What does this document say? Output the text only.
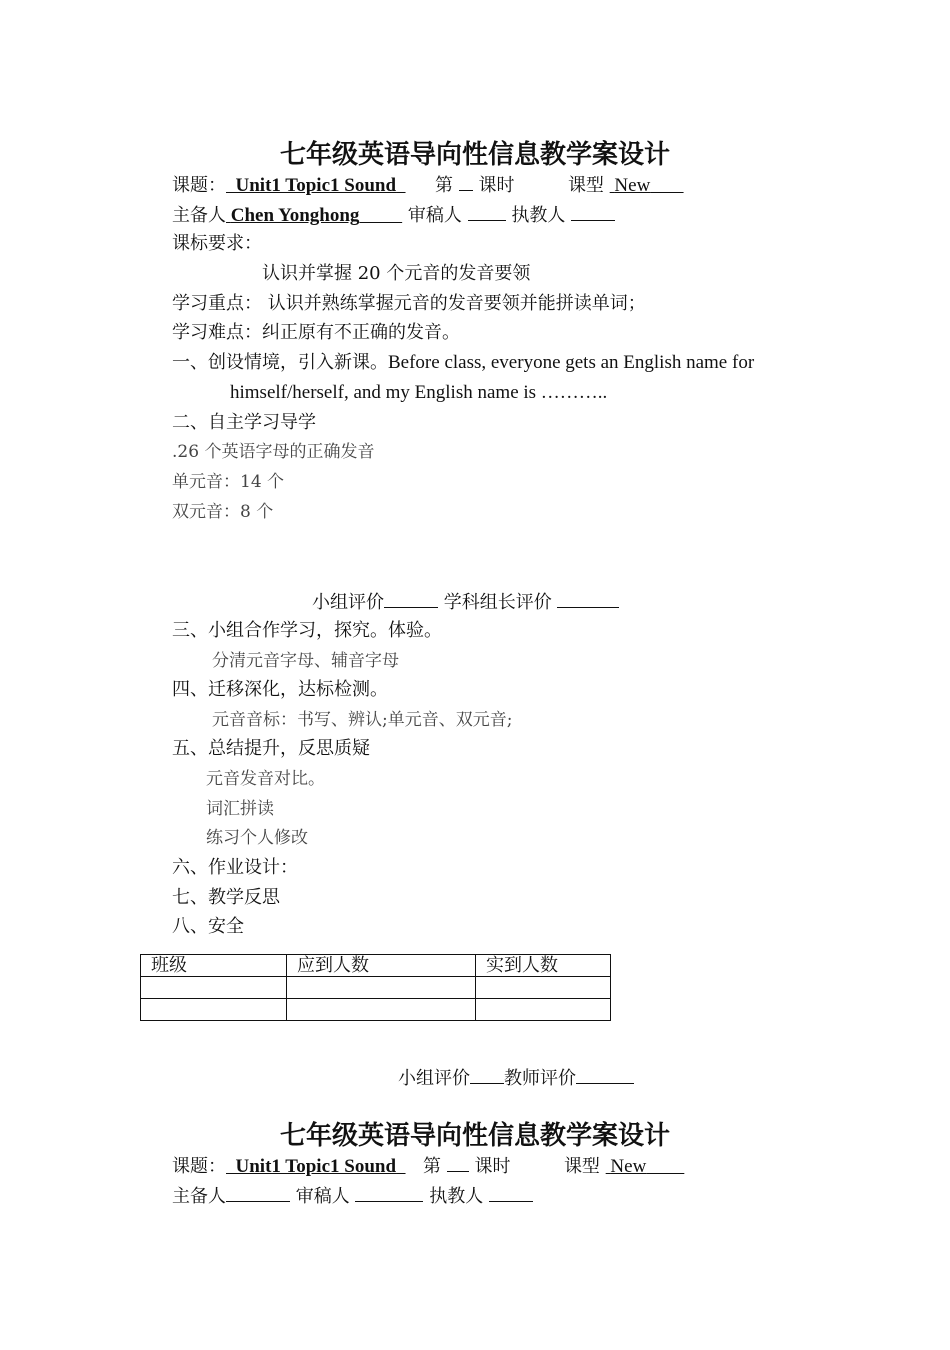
七年级英语导向性信息教学案设计
课题： Unit1 Topic1 Sound 第 课时	课型 New
主备人 Chen Yonghong	审稿人	执教人
课标要求：
认识并掌握 20 个元音的发音要领
学习重点： 认识并熟练掌握元音的发音要领并能拼读单词；
学习难点：纠正原有不正确的发音。
一、创设情境，引入新课。Before class, everyone gets an English name for
himself/herself, and my English name is ………..
二、自主学习导学
.26 个英语字母的正确发音
单元音：14 个
双元音：8 个
小组评价	学科组长评价
三、小组合作学习，探究。体验。
分清元音字母、辅音字母
四、迁移深化，达标检测。
元音音标：书写、辨认;单元音、双元音;
五、总结提升，反思质疑
元音发音对比。
词汇拼读
练习个人修改
六、作业设计：
七、教学反思
八、安全
班级	应到人数	实到人数

小组评价 教师评价
七年级英语导向性信息教学案设计
课题： Unit1 Topic1 Sound 第 课时	课型 New
主备人	审稿人	执教人
